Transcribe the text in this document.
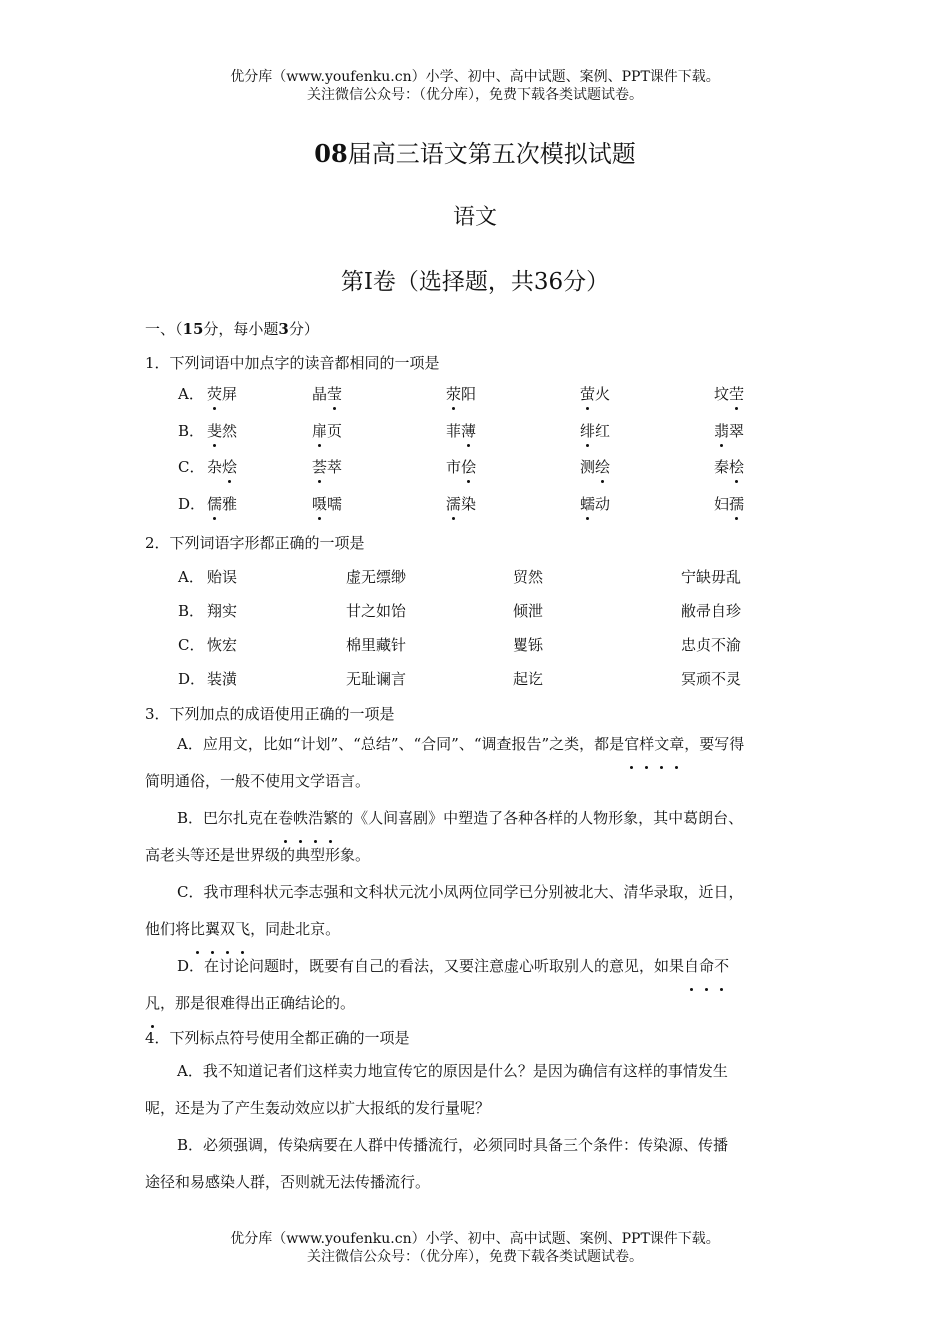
优分库（www.youfenku.cn）小学、初中、高中试题、案例、PPT课件下载。
关注微信公众号：（优分库），免费下载各类试题试卷。
08届高三语文第五次模拟试题
语文
第Ⅰ卷（选择题，共36分）
一、（15分，每小题3分）
1．下列词语中加点字的读音都相同的一项是
A． 荧屏	晶莹	荥阳	萤火	坟茔
B． 斐然	扉页	菲薄	绯红	翡翠
C． 杂烩	荟萃	市侩	测绘	秦桧
D． 儒雅	嗫嚅	濡染	蠕动	妇孺
2．下列词语字形都正确的一项是
A． 贻误	虚无缥缈	贸然	宁缺毋乱
B． 翔实	甘之如饴	倾泄	敝帚自珍
C． 恢宏	棉里藏针	矍铄	忠贞不渝
D． 装潢	无耻谰言	起讫	冥顽不灵
3．下列加点的成语使用正确的一项是
A．应用文，比如“计划”、“总结”、“合同”、“调查报告”之类，都是官样文章，要写得
简明通俗，一般不使用文学语言。
B．巴尔扎克在卷帙浩繁的《人间喜剧》中塑造了各种各样的人物形象，其中葛朗台、
高老头等还是世界级的典型形象。
C．我市理科状元李志强和文科状元沈小凤两位同学已分别被北大、清华录取，近日，
他们将比翼双飞，同赴北京。
D．在讨论问题时，既要有自己的看法，又要注意虚心听取别人的意见，如果自命不
凡，那是很难得出正确结论的。
4．下列标点符号使用全都正确的一项是
A．我不知道记者们这样卖力地宣传它的原因是什么？是因为确信有这样的事情发生
呢，还是为了产生轰动效应以扩大报纸的发行量呢？
B．必须强调，传染病要在人群中传播流行，必须同时具备三个条件：传染源、传播
途径和易感染人群，否则就无法传播流行。
优分库（www.youfenku.cn）小学、初中、高中试题、案例、PPT课件下载。
关注微信公众号：（优分库），免费下载各类试题试卷。
